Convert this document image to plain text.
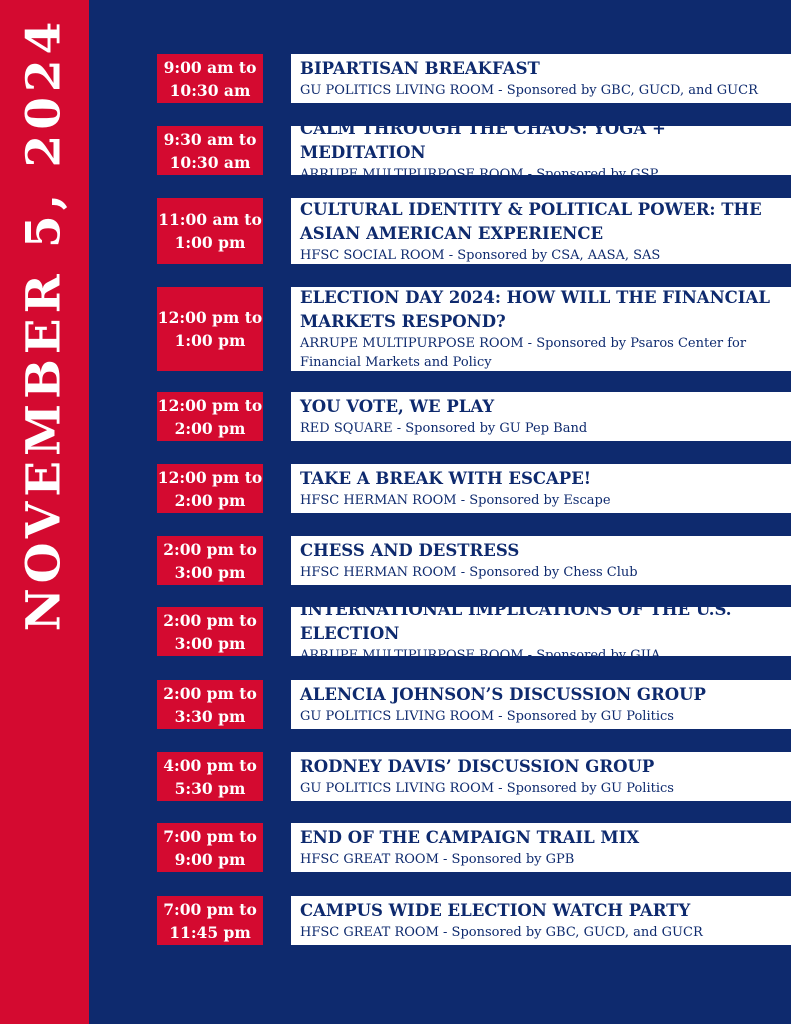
NOVEMBER 5, 2024	9:00 am to
10:30 am
BIPARTISAN BREAKFAST
GU POLITICS LIVING ROOM - Sponsored by GBC, GUCD, and GUCR
9:30 am to
10:30 am
CALM THROUGH THE CHAOS: YOGA + MEDITATION
ARRUPE MULTIPURPOSE ROOM - Sponsored by GSP
11:00 am to
1:00 pm
CULTURAL IDENTITY & POLITICAL POWER: THE ASIAN AMERICAN EXPERIENCE
HFSC SOCIAL ROOM - Sponsored by CSA, AASA, SAS
12:00 pm to
1:00 pm
ELECTION DAY 2024: HOW WILL THE FINANCIAL MARKETS RESPOND?
ARRUPE MULTIPURPOSE ROOM - Sponsored by Psaros Center for Financial Markets and Policy
12:00 pm to
2:00 pm
YOU VOTE, WE PLAY
RED SQUARE - Sponsored by GU Pep Band
12:00 pm to
2:00 pm
TAKE A BREAK WITH ESCAPE!
HFSC HERMAN ROOM - Sponsored by Escape
2:00 pm to
3:00 pm
CHESS AND DESTRESS
HFSC HERMAN ROOM - Sponsored by Chess Club
2:00 pm to
3:00 pm
INTERNATIONAL IMPLICATIONS OF THE U.S. ELECTION
ARRUPE MULTIPURPOSE ROOM - Sponsored by GJIA
2:00 pm to
3:30 pm
ALENCIA JOHNSON’S DISCUSSION GROUP
GU POLITICS LIVING ROOM - Sponsored by GU Politics
4:00 pm to
5:30 pm
RODNEY DAVIS’ DISCUSSION GROUP
GU POLITICS LIVING ROOM - Sponsored by GU Politics
7:00 pm to
9:00 pm
END OF THE CAMPAIGN TRAIL MIX
HFSC GREAT ROOM - Sponsored by GPB
7:00 pm to
11:45 pm
CAMPUS WIDE ELECTION WATCH PARTY
HFSC GREAT ROOM - Sponsored by GBC, GUCD, and GUCR
